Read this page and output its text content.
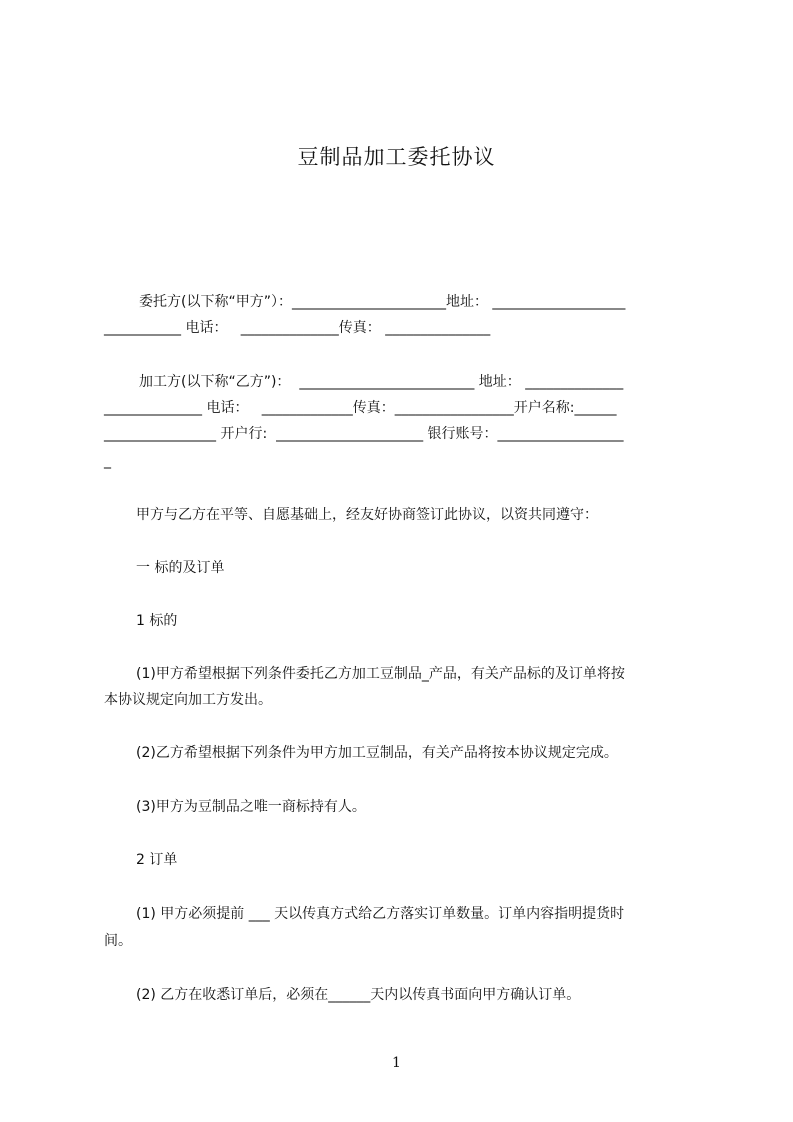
豆制品加工委托协议
委托方(以下称“甲方”）：______________________地址： ___________________
___________ 电话：   ______________传真： _______________
加工方(以下称“乙方”)：  _________________________ 地址： ______________
______________ 电话：   _____________传真：_________________开户名称:______
________________ 开户行:  _____________________ 银行账号：__________________
_
甲方与乙方在平等、自愿基础上，经友好协商签订此协议，以资共同遵守：
一 标的及订单
1 标的
(1)甲方希望根据下列条件委托乙方加工豆制品_产品，有关产品标的及订单将按
本协议规定向加工方发出。
(2)乙方希望根据下列条件为甲方加工豆制品，有关产品将按本协议规定完成。
(3)甲方为豆制品之唯一商标持有人。
2 订单
(1) 甲方必须提前 ___ 天以传真方式给乙方落实订单数量。订单内容指明提货时
间。
(2) 乙方在收悉订单后，必须在______天内以传真书面向甲方确认订单。
1
